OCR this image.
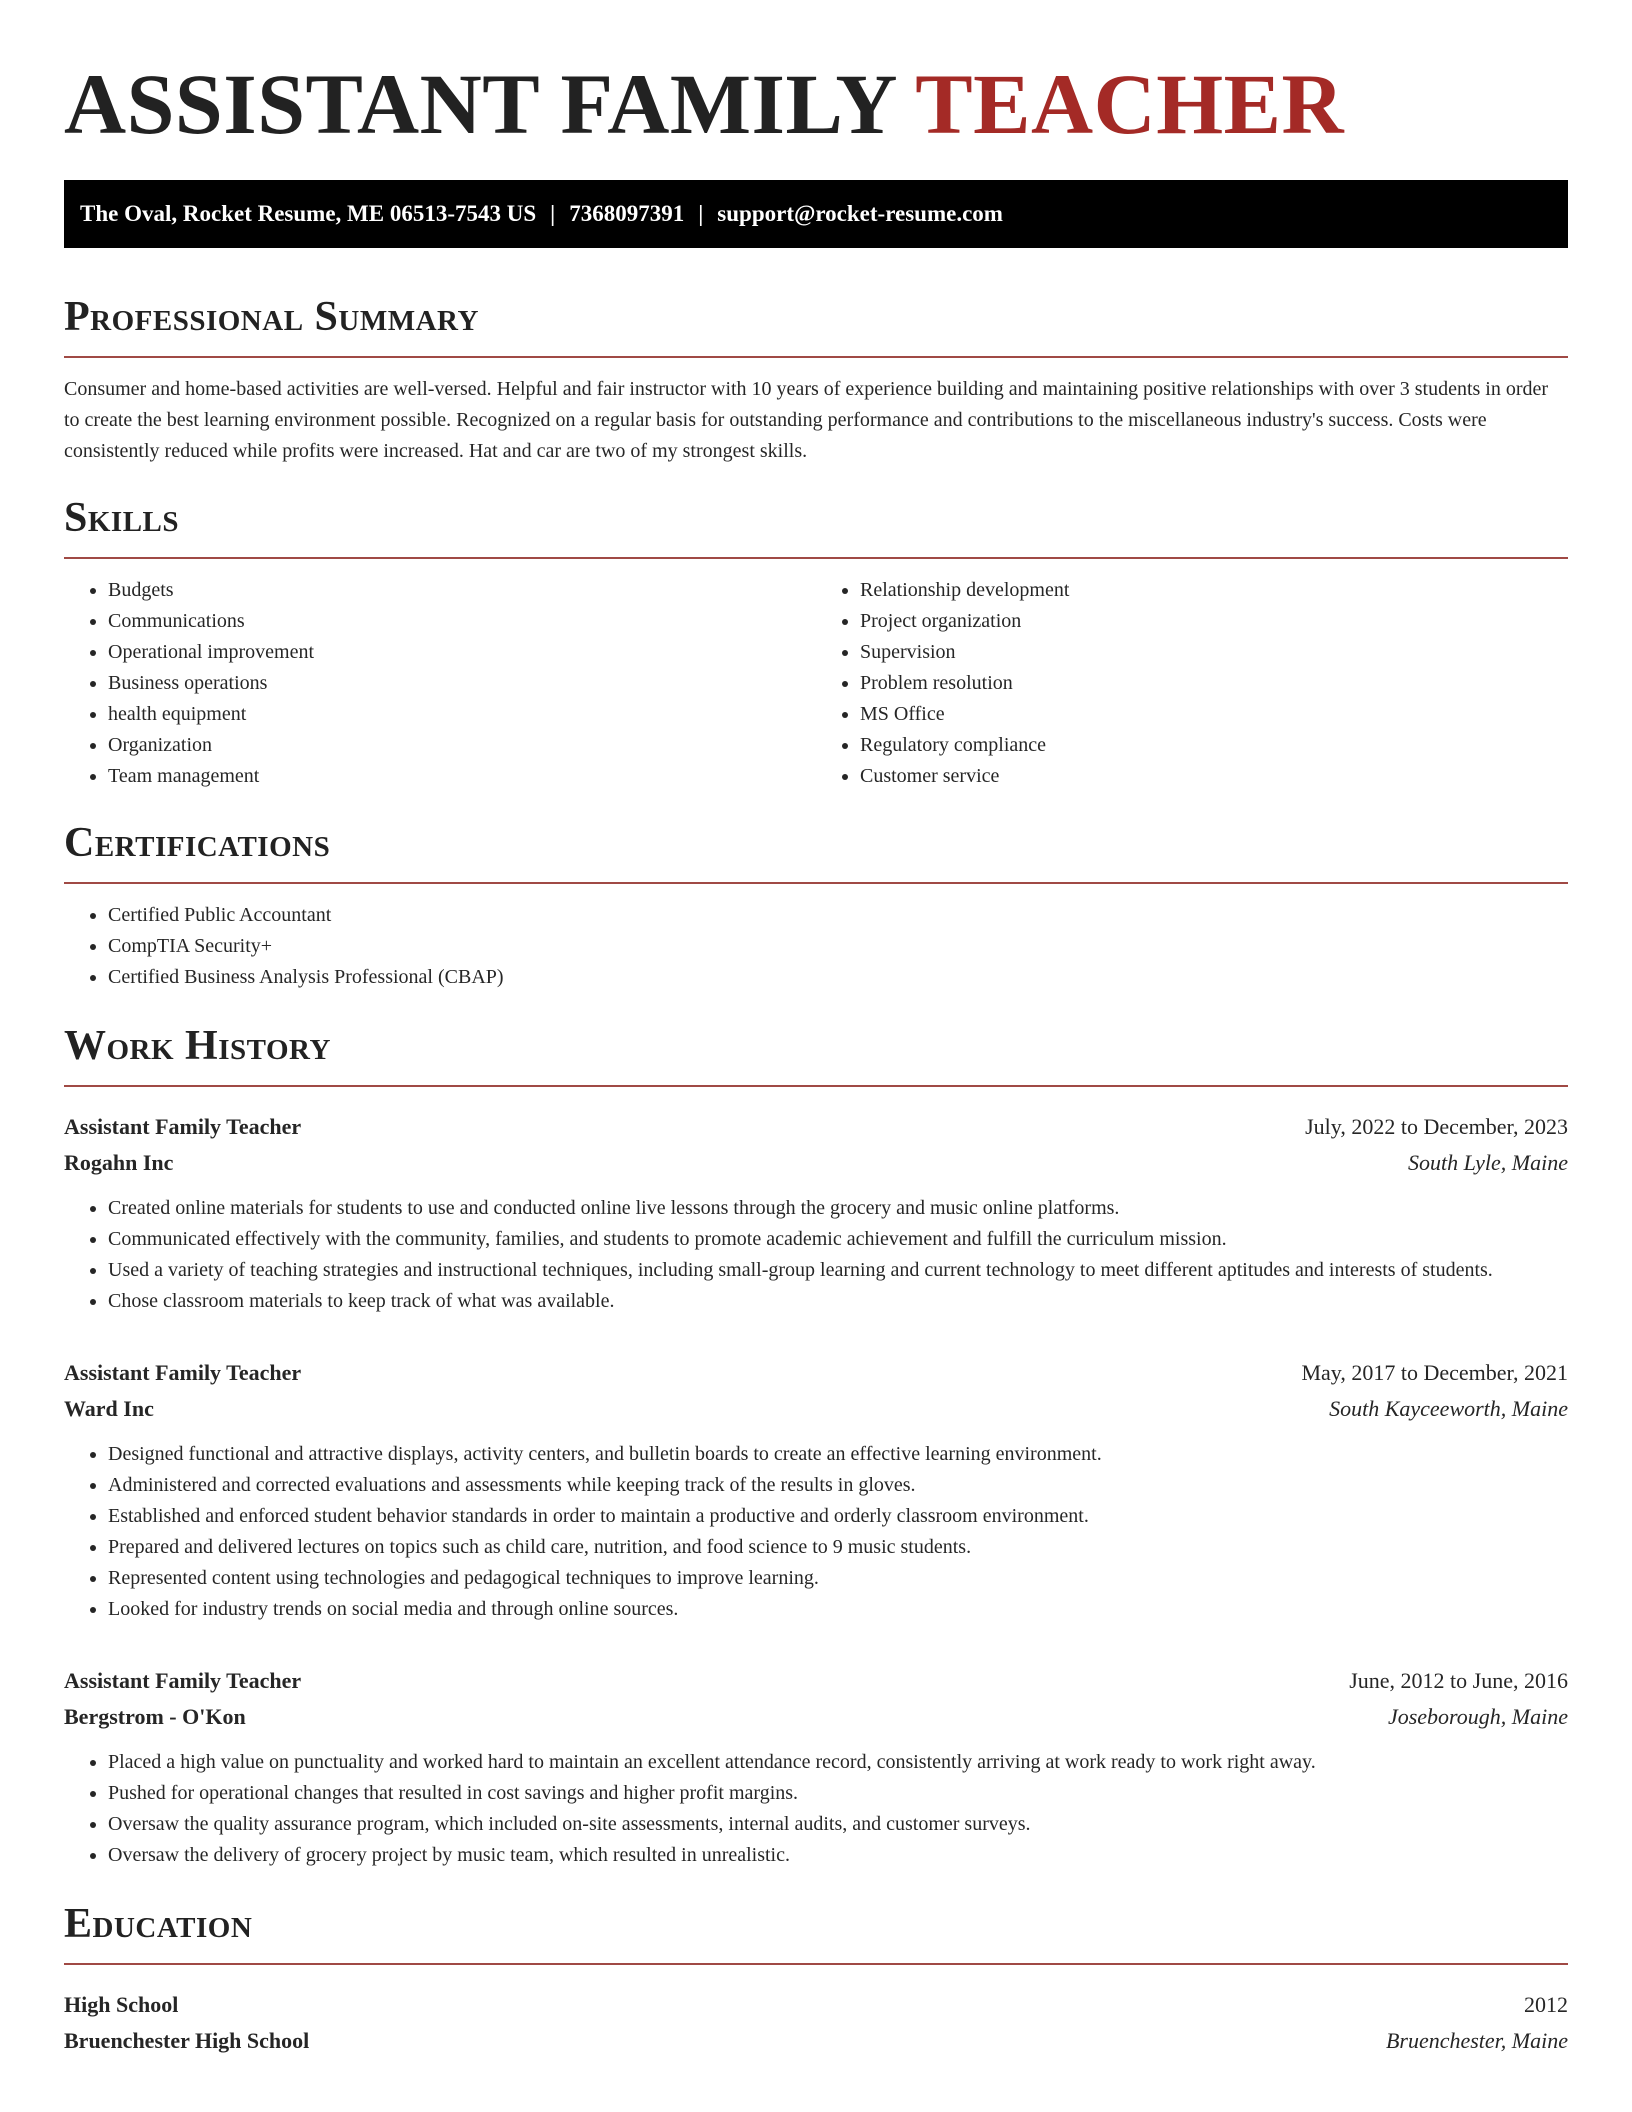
ASSISTANT FAMILY TEACHER
The Oval, Rocket Resume, ME 06513-7543 US | 7368097391 | support@rocket-resume.com
Professional Summary

Consumer and home-based activities are well-versed. Helpful and fair instructor with 10 years of experience building and maintaining positive relationships with over 3 students in order to create the best learning environment possible. Recognized on a regular basis for outstanding performance and contributions to the miscellaneous industry's success. Costs were consistently reduced while profits were increased. Hat and car are two of my strongest skills.

Skills
• Budgets
• Communications
• Operational improvement
• Business operations
• health equipment
• Organization
• Team management
• Relationship development
• Project organization
• Supervision
• Problem resolution
• MS Office
• Regulatory compliance
• Customer service
Certifications
• Certified Public Accountant
• CompTIA Security+
• Certified Business Analysis Professional (CBAP)
Work History
Assistant Family Teacher	July, 2022 to December, 2023
Rogahn Inc	South Lyle, Maine
• Created online materials for students to use and conducted online live lessons through the grocery and music online platforms.
• Communicated effectively with the community, families, and students to promote academic achievement and fulfill the curriculum mission.
• Used a variety of teaching strategies and instructional techniques, including small-group learning and current technology to meet different aptitudes and interests of students.
• Chose classroom materials to keep track of what was available.
Assistant Family Teacher	May, 2017 to December, 2021
Ward Inc	South Kayceeworth, Maine
• Designed functional and attractive displays, activity centers, and bulletin boards to create an effective learning environment.
• Administered and corrected evaluations and assessments while keeping track of the results in gloves.
• Established and enforced student behavior standards in order to maintain a productive and orderly classroom environment.
• Prepared and delivered lectures on topics such as child care, nutrition, and food science to 9 music students.
• Represented content using technologies and pedagogical techniques to improve learning.
• Looked for industry trends on social media and through online sources.
Assistant Family Teacher	June, 2012 to June, 2016
Bergstrom - O'Kon	Joseborough, Maine
• Placed a high value on punctuality and worked hard to maintain an excellent attendance record, consistently arriving at work ready to work right away.
• Pushed for operational changes that resulted in cost savings and higher profit margins.
• Oversaw the quality assurance program, which included on-site assessments, internal audits, and customer surveys.
• Oversaw the delivery of grocery project by music team, which resulted in unrealistic.
Education
High School	2012
Bruenchester High School	Bruenchester, Maine
